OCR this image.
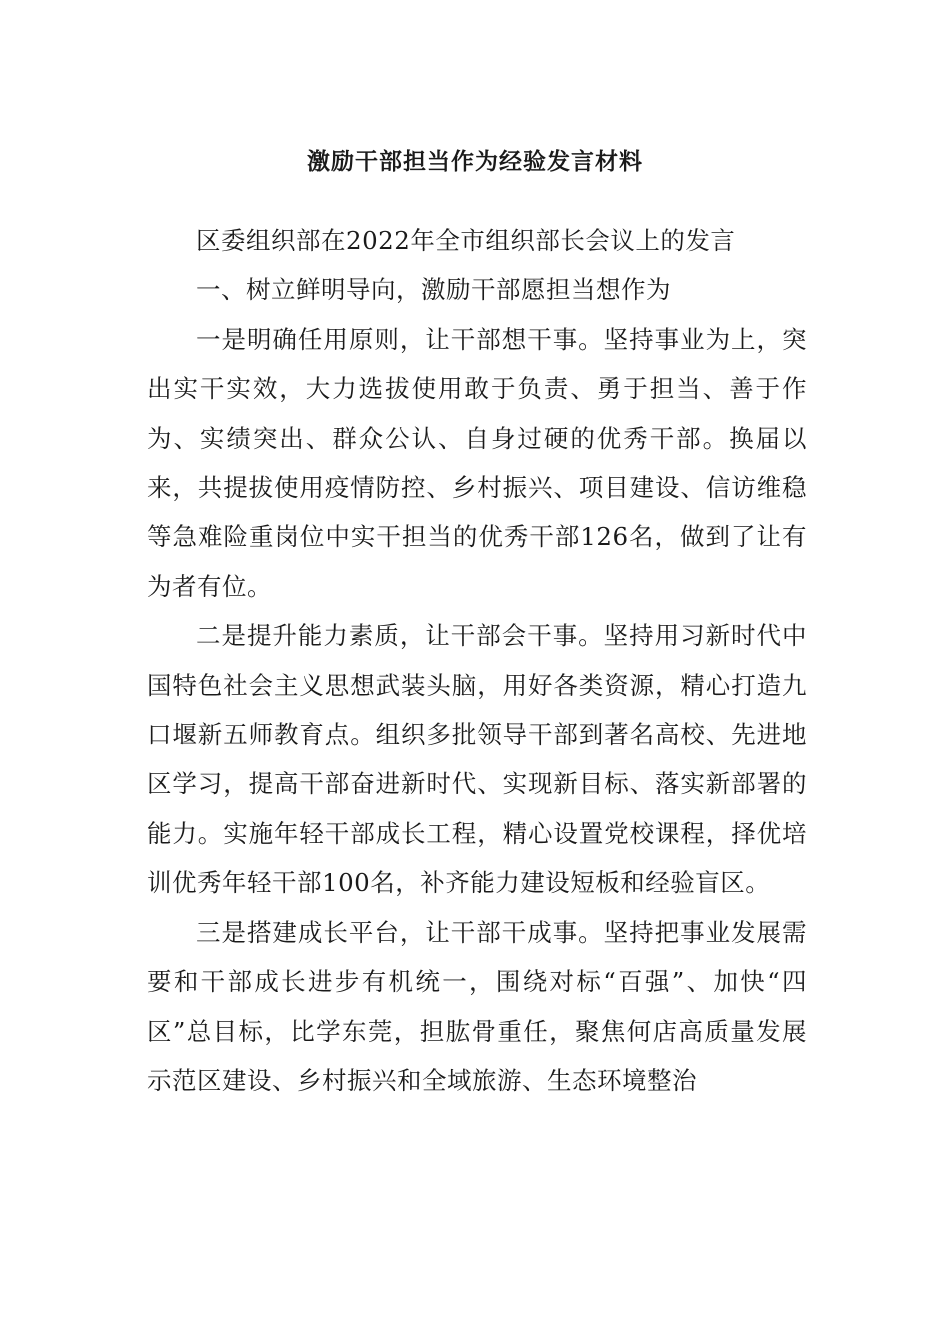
激励干部担当作为经验发言材料

区委组织部在2022年全市组织部长会议上的发言

一、树立鲜明导向，激励干部愿担当想作为

一是明确任用原则，让干部想干事。坚持事业为上，突出实干实效，大力选拔使用敢于负责、勇于担当、善于作为、实绩突出、群众公认、自身过硬的优秀干部。换届以来，共提拔使用疫情防控、乡村振兴、项目建设、信访维稳等急难险重岗位中实干担当的优秀干部126名，做到了让有为者有位。

二是提升能力素质，让干部会干事。坚持用习新时代中国特色社会主义思想武装头脑，用好各类资源，精心打造九口堰新五师教育点。组织多批领导干部到著名高校、先进地区学习，提高干部奋进新时代、实现新目标、落实新部署的能力。实施年轻干部成长工程，精心设置党校课程，择优培训优秀年轻干部100名，补齐能力建设短板和经验盲区。

三是搭建成长平台，让干部干成事。坚持把事业发展需要和干部成长进步有机统一，围绕对标“百强”、加快“四区”总目标，比学东莞，担肱骨重任，聚焦何店高质量发展示范区建设、乡村振兴和全域旅游、生态环境整治
